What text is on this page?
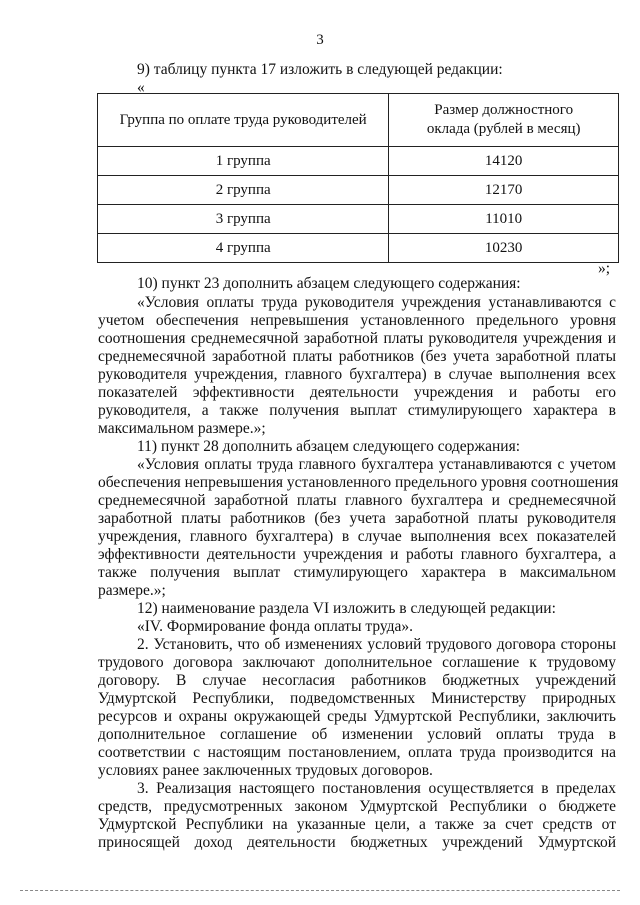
3
9) таблицу пункта 17 изложить в следующей редакции:
«
Группа по оплате труда руководителей	Размер должностного оклада (рублей в месяц)
1 группа	14120
2 группа	12170
3 группа	11010
4 группа	10230
»;
10) пункт 23 дополнить абзацем следующего содержания:
«Условия оплаты труда руководителя учреждения устанавливаются с
учетом обеспечения непревышения установленного предельного уровня
соотношения среднемесячной заработной платы руководителя учреждения и
среднемесячной заработной платы работников (без учета заработной платы
руководителя учреждения, главного бухгалтера) в случае выполнения всех
показателей эффективности деятельности учреждения и работы его
руководителя, а также получения выплат стимулирующего характера в
максимальном размере.»;
11) пункт 28 дополнить абзацем следующего содержания:
«Условия оплаты труда главного бухгалтера устанавливаются с учетом
обеспечения непревышения установленного предельного уровня соотношения
среднемесячной заработной платы главного бухгалтера и среднемесячной
заработной платы работников (без учета заработной платы руководителя
учреждения, главного бухгалтера) в случае выполнения всех показателей
эффективности деятельности учреждения и работы главного бухгалтера, а
также получения выплат стимулирующего характера в максимальном
размере.»;
12) наименование раздела VI изложить в следующей редакции:
«IV. Формирование фонда оплаты труда».
2. Установить, что об изменениях условий трудового договора стороны
трудового договора заключают дополнительное соглашение к трудовому
договору. В случае несогласия работников бюджетных учреждений
Удмуртской Республики, подведомственных Министерству природных
ресурсов и охраны окружающей среды Удмуртской Республики, заключить
дополнительное соглашение об изменении условий оплаты труда в
соответствии с настоящим постановлением, оплата труда производится на
условиях ранее заключенных трудовых договоров.
3. Реализация настоящего постановления осуществляется в пределах
средств, предусмотренных законом Удмуртской Республики о бюджете
Удмуртской Республики на указанные цели, а также за счет средств от
приносящей доход деятельности бюджетных учреждений Удмуртской
